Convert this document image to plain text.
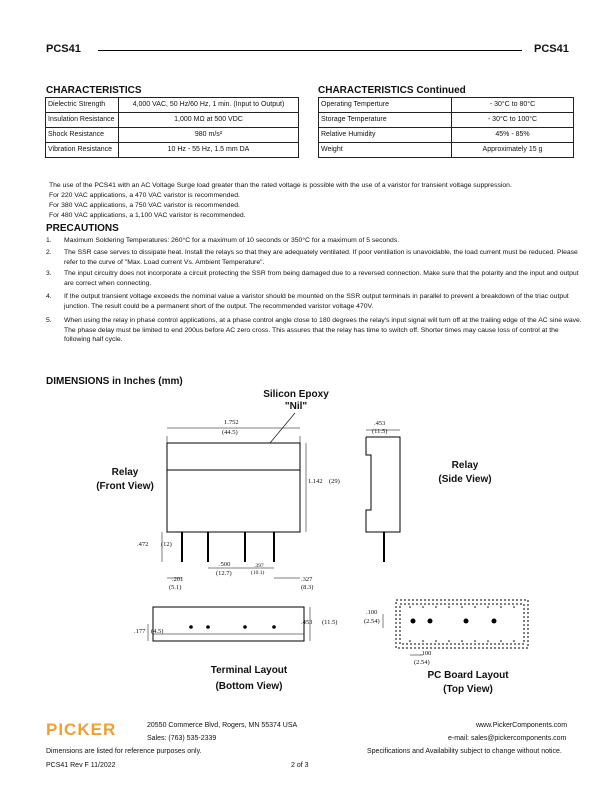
PCS41	PCS41
CHARACTERISTICS
Dielectric Strength	4,000 VAC, 50 Hz/60 Hz, 1 min. (Input to Output)
Insulation Resistance	1,000 MΩ at 500 VDC
Shock Resistance	980 m/s²
Vibration Resistance	10 Hz - 55 Hz, 1.5 mm DA
CHARACTERISTICS Continued
Operating Temperture	- 30°C to 80°C
Storage Temperature	- 30°C to 100°C
Relative Humidity	45% - 85%
Weight	Approximately 15 g
The use of the PCS41 with an AC Voltage Surge load greater than the rated voltage is possible with the use of a varistor for transient voltage suppression.
For 220 VAC applications, a 470 VAC varistor is recommended.
For 380 VAC applications, a 750 VAC varistor is recommended.
For 480 VAC applications, a 1,100 VAC varistor is recommended.
PRECAUTIONS
1. Maximum Soldering Temperatures: 260°C for a maximum of 10 seconds or 350°C for a maximum of 5 seconds.
2. The SSR case serves to dissipate heat. Install the relays so that they are adequately ventilated. If poor ventilation is unavoidable, the load current must be reduced. Please refer to the curve of "Max. Load current Vs. Ambient Temperature".
3. The input circuitry does not incorporate a circuit protecting the SSR from being damaged due to a reversed connection. Make sure that the polarity and the input and output are correct when connecting.
4. If the output transient voltage exceeds the nominal value a varistor should be mounted on the SSR output terminals in parallel to prevent a breakdown of the triac output junction. The result could be a permanent short of the output. The recommended varistor voltage 470V.
5. When using the relay in phase control applications, at a phase control angle close to 180 degrees the relay's input signal will turn off at the trailing edge of the AC sine wave. The phase delay must be limited to end 200us before AC zero cross. This assures that the relay has time to switch off. Shorter times may cause loss of control at the following half cycle.
DIMENSIONS in Inches (mm)
Silicon Epoxy
"Nil"
Relay
(Front View)
Relay
(Side View)
Terminal Layout
(Bottom View)
PC Board Layout
(Top View)
1.752
(44.5)
1.142 (29)
.472 (12)
.500
(12.7)
.397
(10.1)
.201
(5.1)
.327
(8.3)
.453
(11.5)
.453 (11.5)
.177 (4.5)
.100
(2.54)
.100
(2.54)
PICKER	20550 Commerce Blvd, Rogers, MN 55374 USA
Sales: (763) 535-2339
www.PickerComponents.com
e-mail: sales@pickercomponents.com
Dimensions are listed for reference purposes only.	Specifications and Availability subject to change without notice.
PCS41 Rev F 11/2022	2 of 3
